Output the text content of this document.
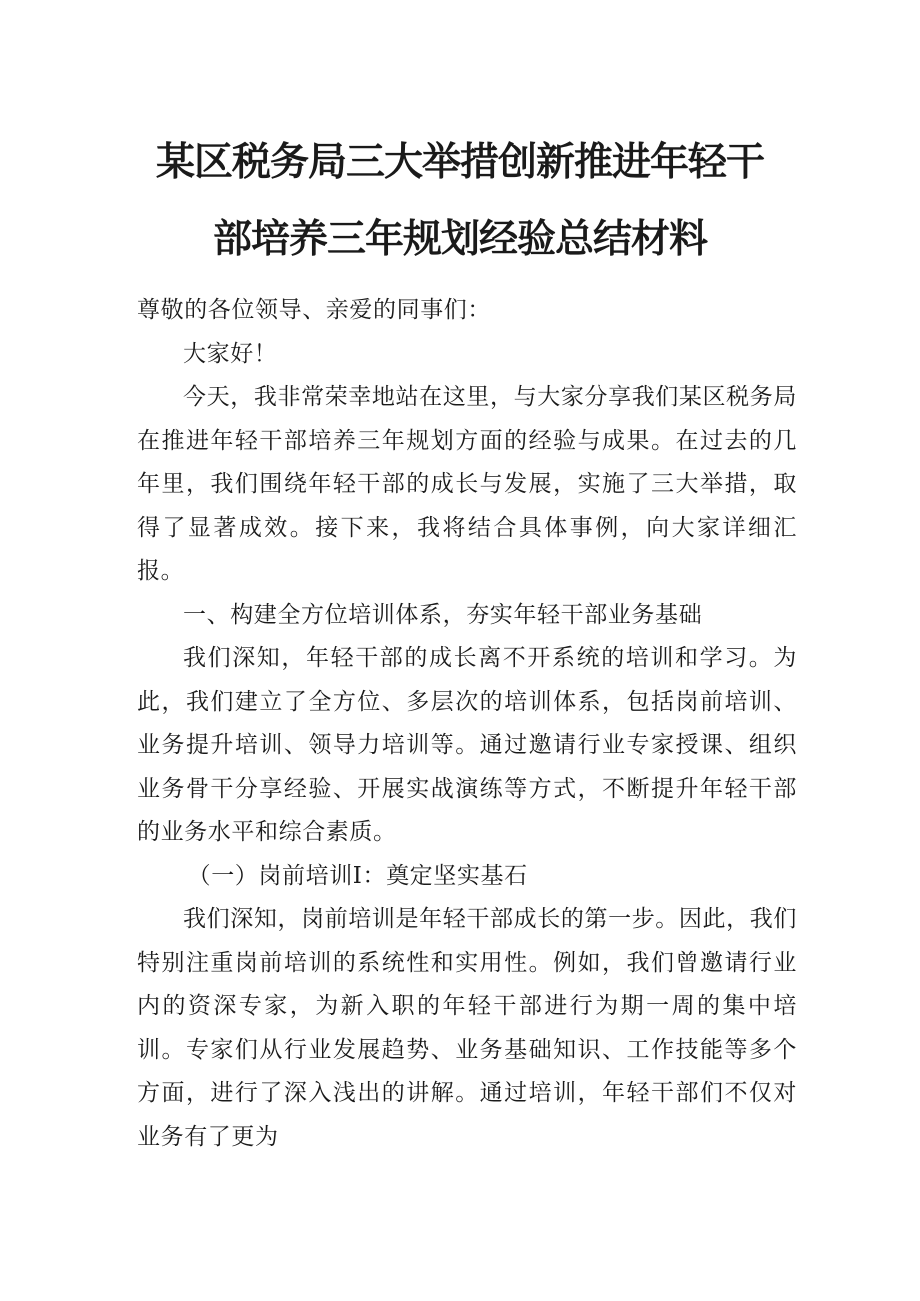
某区税务局三大举措创新推进年轻干
部培养三年规划经验总结材料

尊敬的各位领导、亲爱的同事们：

大家好！

今天，我非常荣幸地站在这里，与大家分享我们某区税务局在推进年轻干部培养三年规划方面的经验与成果。在过去的几年里，我们围绕年轻干部的成长与发展，实施了三大举措，取得了显著成效。接下来，我将结合具体事例，向大家详细汇报。

一、构建全方位培训体系，夯实年轻干部业务基础

我们深知，年轻干部的成长离不开系统的培训和学习。为此，我们建立了全方位、多层次的培训体系，包括岗前培训、业务提升培训、领导力培训等。通过邀请行业专家授课、组织业务骨干分享经验、开展实战演练等方式，不断提升年轻干部的业务水平和综合素质。

（一）岗前培训Ⅰ：奠定坚实基石

我们深知，岗前培训是年轻干部成长的第一步。因此，我们特别注重岗前培训的系统性和实用性。例如，我们曾邀请行业内的资深专家，为新入职的年轻干部进行为期一周的集中培训。专家们从行业发展趋势、业务基础知识、工作技能等多个方面，进行了深入浅出的讲解。通过培训，年轻干部们不仅对业务有了更为
